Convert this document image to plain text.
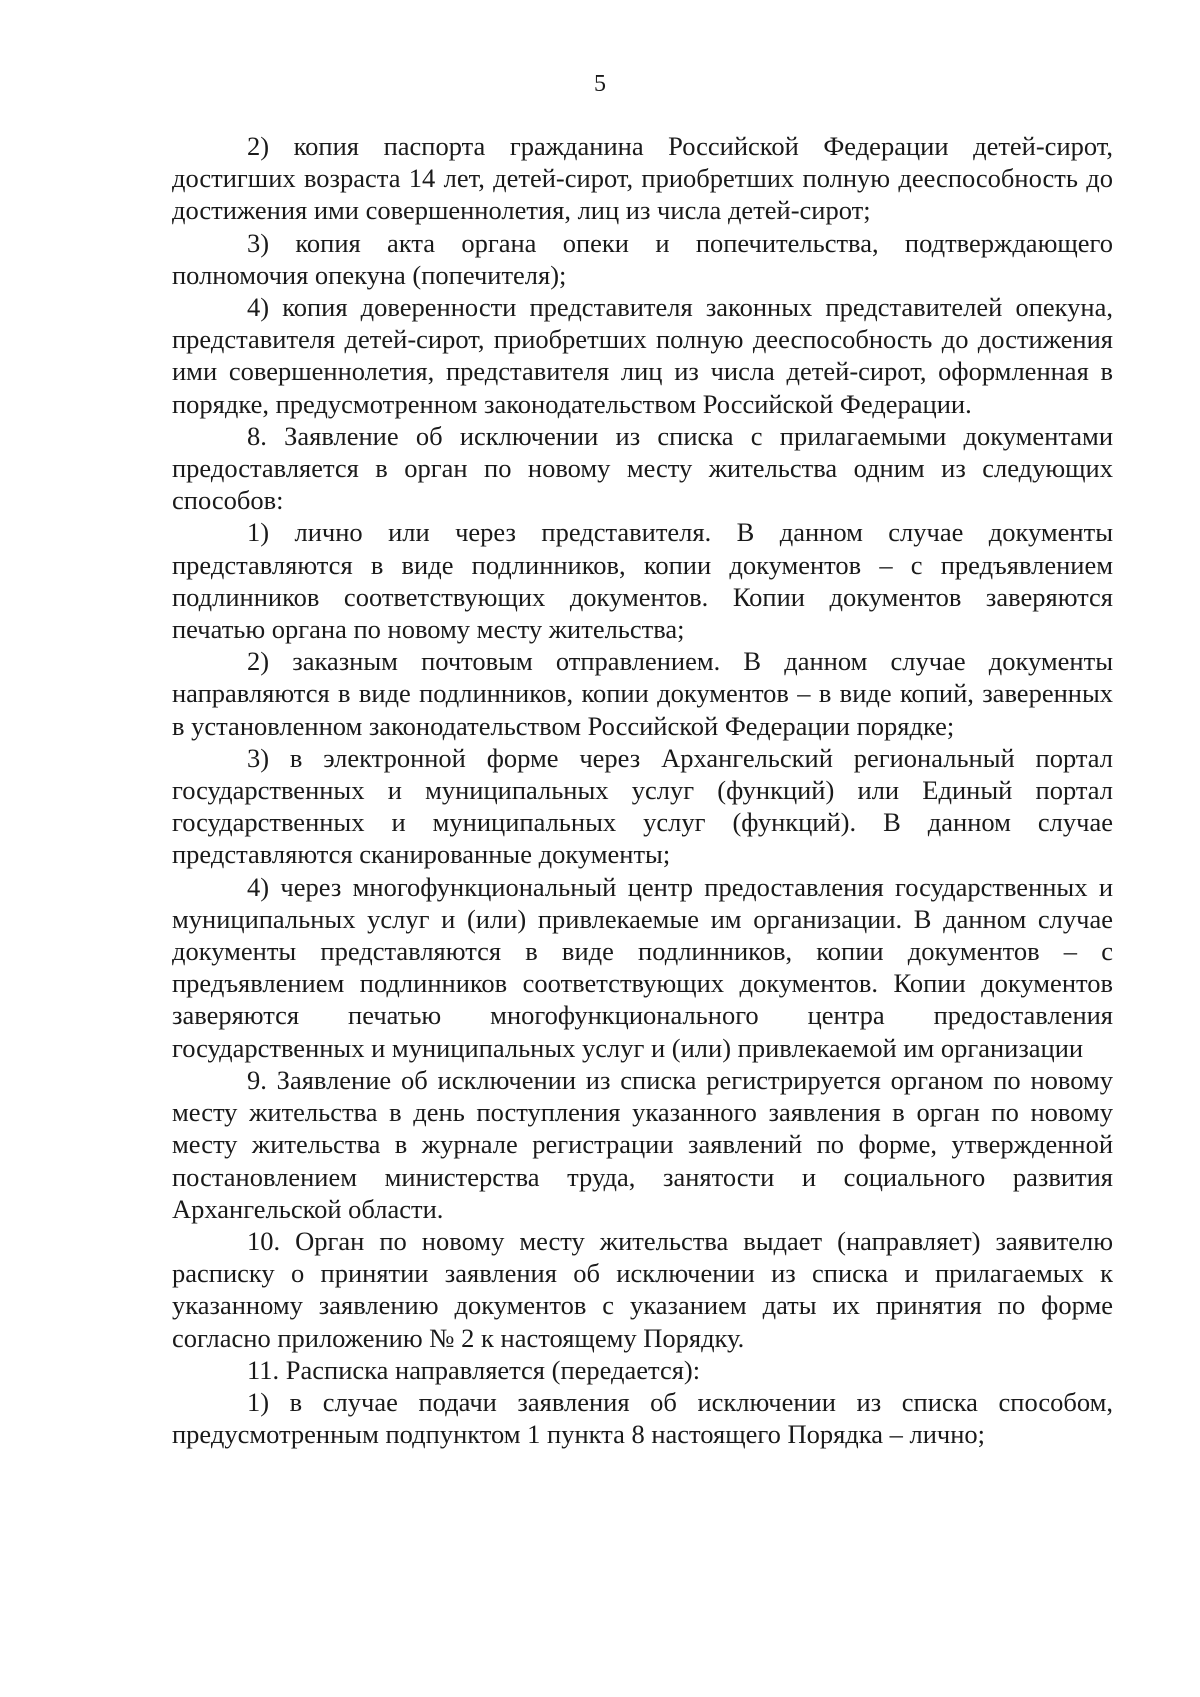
5

2) копия паспорта гражданина Российской Федерации детей-сирот, достигших возраста 14 лет, детей-сирот, приобретших полную дееспособность до достижения ими совершеннолетия, лиц из числа детей-сирот;

3) копия акта органа опеки и попечительства, подтверждающего полномочия опекуна (попечителя);

4) копия доверенности представителя законных представителей опекуна, представителя детей-сирот, приобретших полную дееспособность до достижения ими совершеннолетия, представителя лиц из числа детей-сирот, оформленная в порядке, предусмотренном законодательством Российской Федерации.

8. Заявление об исключении из списка с прилагаемыми документами предоставляется в орган по новому месту жительства одним из следующих способов:

1) лично или через представителя. В данном случае документы представляются в виде подлинников, копии документов – с предъявлением подлинников соответствующих документов. Копии документов заверяются печатью органа по новому месту жительства;

2) заказным почтовым отправлением. В данном случае документы направляются в виде подлинников, копии документов – в виде копий, заверенных в установленном законодательством Российской Федерации порядке;

3) в электронной форме через Архангельский региональный портал государственных и муниципальных услуг (функций) или Единый портал государственных и муниципальных услуг (функций). В данном случае представляются сканированные документы;

4) через многофункциональный центр предоставления государственных и муниципальных услуг и (или) привлекаемые им организации. В данном случае документы представляются в виде подлинников, копии документов – с предъявлением подлинников соответствующих документов. Копии документов заверяются печатью многофункционального центра предоставления государственных и муниципальных услуг и (или) привлекаемой им организации

9. Заявление об исключении из списка регистрируется органом по новому месту жительства в день поступления указанного заявления в орган по новому месту жительства в журнале регистрации заявлений по форме, утвержденной постановлением министерства труда, занятости и социального развития Архангельской области.

10. Орган по новому месту жительства выдает (направляет) заявителю расписку о принятии заявления об исключении из списка и прилагаемых к указанному заявлению документов с указанием даты их принятия по форме согласно приложению № 2 к настоящему Порядку.

11. Расписка направляется (передается):

1) в случае подачи заявления об исключении из списка способом, предусмотренным подпунктом 1 пункта 8 настоящего Порядка – лично;
